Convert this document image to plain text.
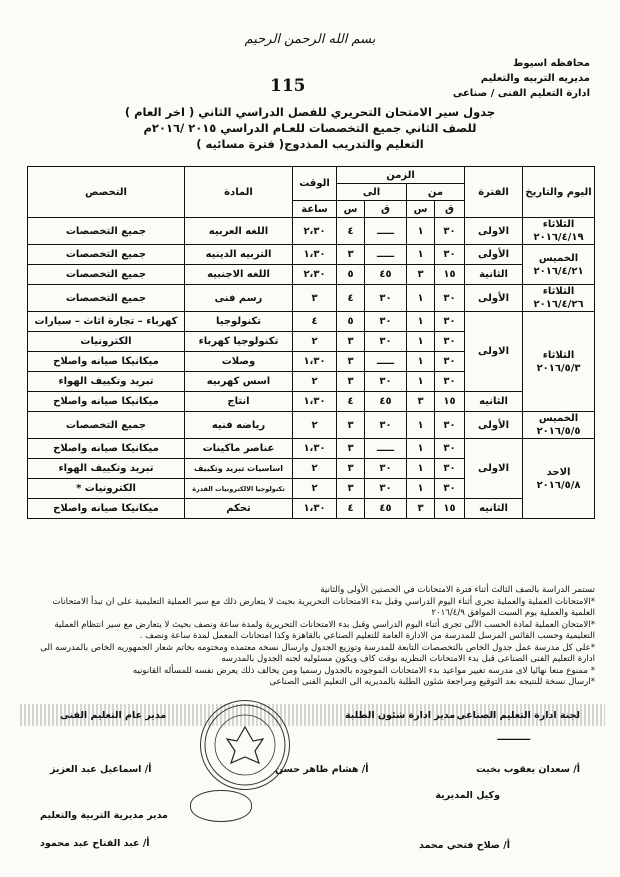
بسم الله الرحمن الرحيم
محافظه اسيوط
مديريه التربيه والتعليم
ادارة التعليم الفنى / صناعى
115
جدول سير الامتحان التحريري للفصل الدراسي الثاني ( اخر العام )
للصف الثاني جميع التخصصات للعـام الدراسي ٢٠١٥ /٢٠١٦م
التعليم والتدريب المذدوج( فترة مسائيه )
اليوم والتاريخ	الفترة	الزمن				الوقت	المادة	التخصص
		من		الى				
		ق	س	ق	س	ساعة		
الثلاثاء ٢٠١٦/٤/١٩	الاولى	٣٠	١	ـــــ	٤	٢،٣٠	اللغه العربيه	جميع التخصصات
الخميس ٢٠١٦/٤/٢١	الأولى	٣٠	١	ـــــ	٣	١،٣٠	التربيه الدينيه	جميع التخصصات
	الثانية	١٥	٣	٤٥	٥	٢،٣٠	اللغه الاجنبيه	جميع التخصصات
الثلاثاء ٢٠١٦/٤/٢٦	الأولى	٣٠	١	٣٠	٤	٣	رسم فنى	جميع التخصصات
الثلاثاء ٢٠١٦/٥/٣	الاولى	٣٠	١	٣٠	٥	٤	تكنولوجيا	كهرباء – تجارة اثاث – سيارات
		٣٠	١	٣٠	٣	٢	تكنولوجيا كهرباء	الكترونيات
		٣٠	١	ـــــ	٣	١،٣٠	وصلات	ميكانيكا صيانه واصلاح
		٣٠	١	٣٠	٣	٢	اسس كهربيه	تبريد وتكييف الهواء
	الثانيه	١٥	٣	٤٥	٤	١،٣٠	انتاج	ميكانيكا صيانه واصلاح
الخميس ٢٠١٦/٥/٥	الأولى	٣٠	١	٣٠	٣	٢	رياضه فنيه	جميع التخصصات
الاحد ٢٠١٦/٥/٨	الاولى	٣٠	١	ـــــ	٣	١،٣٠	عناصر ماكينات	ميكانيكا صيانه واصلاح
		٣٠	١	٣٠	٣	٢	اساسيات تبريد وتكييف	تبريد وتكييف الهواء
		٣٠	١	٣٠	٣	٢	تكنولوجيا الالكترونيات القدرة	الكترونيات *
	الثانيه	١٥	٣	٤٥	٤	١،٣٠	تحكم	ميكانيكا صيانه واصلاح

تستمر الدراسة بالصف الثالث أثناء فترة الامتحانات في الحصتين الأولى والثانية

*الامتحانات العملية والعملية تجرى أثناء اليوم الدراسي وقبل بدء الامتحانات التحريرية بحيث لا يتعارض ذلك مع سير العملية التعليمية على ان تبدأ الامتحانات العلمية والعملية يوم السبت الموافق ٢٠١٦/٤/٩

*الامتحان العملية لمادة الحسب الآلى تجرى أثناء اليوم الدراسي وقبل بدء الامتحانات التحريرية ولمدة ساعة ونصف بحيث لا يتعارض مع سير انتظام العملية التعليمية وحسب القائس المرسل للمدرسة من الادارة العامة للتعليم الصناعي بالقاهرة وكذا امتحانات المعمل لمدة ساعة ونصف .

*على كل مدرسة عمل جدول الخاص بالتخصصات التابعة للمدرسة وتوزيع الجدول وارسال نسخه معتمده ومختومه بخاتم شعار الجمهوريه الخاص بالمدرسه الى ادارة التعليم الفنى الصناعى قبل بدء الامتحانات النظريه بوقت كاف ويكون مسئوليه لجنه الجدول بالمدرسه

* ممنوع منعا نهائيا لاى مدرسه تغيير مواعيد بدء الامتحانات الموجوده بالجدول رسميا ومن يخالف ذلك يعرض نفسه للمسأله القانونيه

*ارسال نسخة للنتيجه بعد التوقيع ومراجعة شئون الطلبة بالمديريه الى التعليم الفنى الصناعى

لجنة ادارة التعليم الصناعي
ــــــــ
أ/ سعدان يعقوب بخيت
مدير ادارة شئون الطلبة
أ/ هشام طاهر حسن
مدير عام التعليم الفنى
أ/ اسماعيل عبد العزيز
وكيل المديرية
أ/ صلاح فتحي محمد
مدير مديرية التربية والتعليم
أ/ عبد الفتاح عبد محمود
